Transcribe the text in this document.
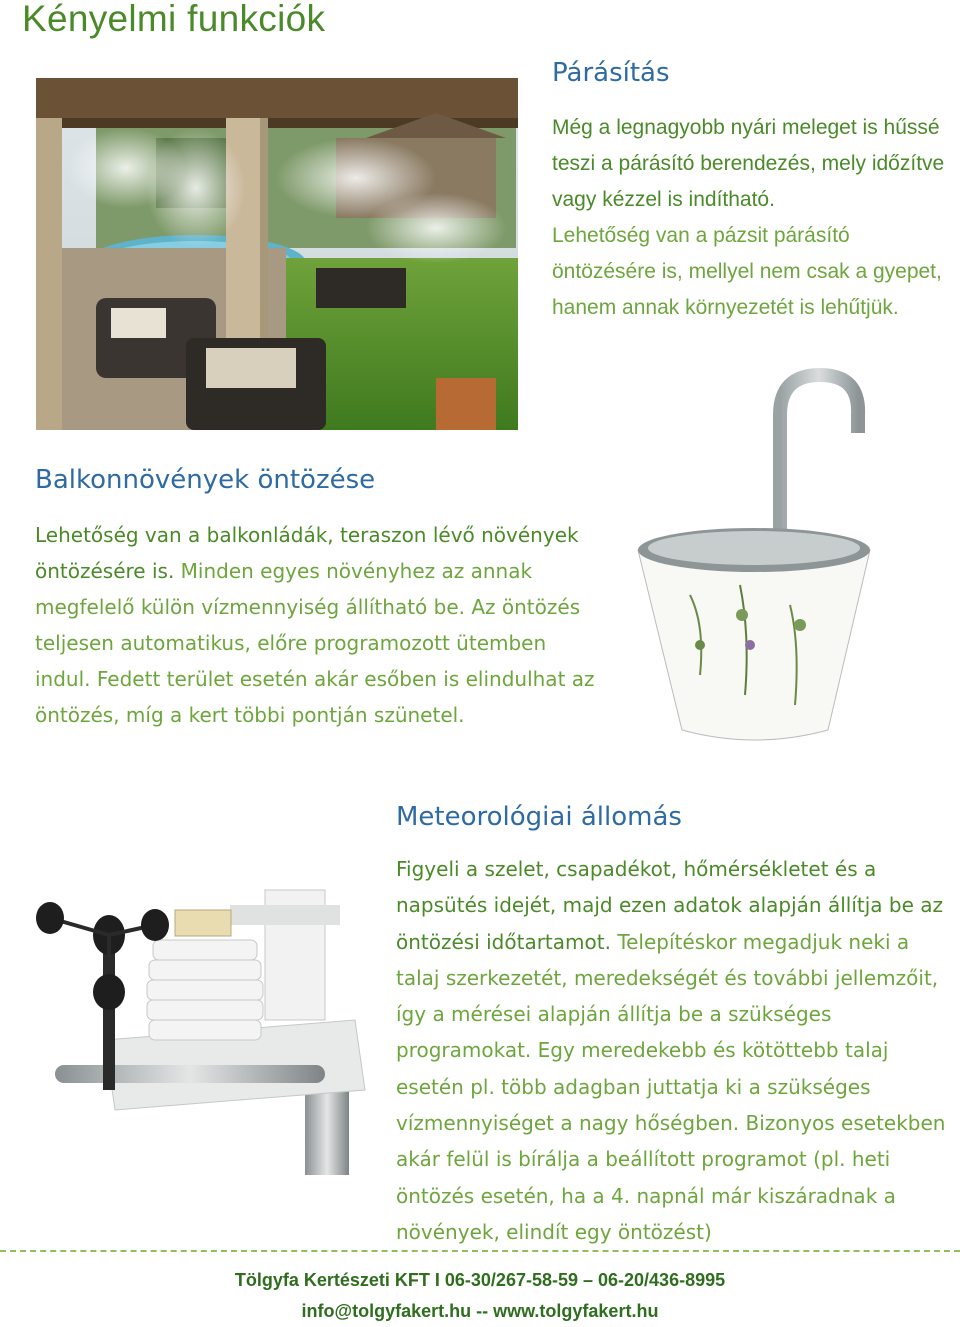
Kényelmi funkciók
Párásítás

Még a legnagyobb nyári meleget is hűssé teszi a párásító berendezés, mely időzítve vagy kézzel is indítható.

Lehetőség van a pázsit párásító öntözésére is, mellyel nem csak a gyepet, hanem annak környezetét is lehűtjük.

Balkonnövények öntözése
Lehetőség van a balkonládák, teraszon lévő növények öntözésére is. Minden egyes növényhez az annak megfelelő külön vízmennyiség állítható be. Az öntözés teljesen automatikus, előre programozott ütemben indul. Fedett terület esetén akár esőben is elindulhat az öntözés, míg a kert többi pontján szünetel.
Meteorológiai állomás
Figyeli a szelet, csapadékot, hőmérsékletet és a napsütés idejét, majd ezen adatok alapján állítja be az öntözési időtartamot. Telepítéskor megadjuk neki a talaj szerkezetét, meredekségét és további jellemzőit, így a mérései alapján állítja be a szükséges programokat. Egy meredekebb és kötöttebb talaj esetén pl. több adagban juttatja ki a szükséges vízmennyiséget a nagy hőségben. Bizonyos esetekben akár felül is bírálja a beállított programot (pl. heti öntözés esetén, ha a 4. napnál már kiszáradnak a növények, elindít egy öntözést)
Tölgyfa Kertészeti KFT I 06-30/267-58-59 – 06-20/436-8995
info@tolgyfakert.hu -- www.tolgyfakert.hu
